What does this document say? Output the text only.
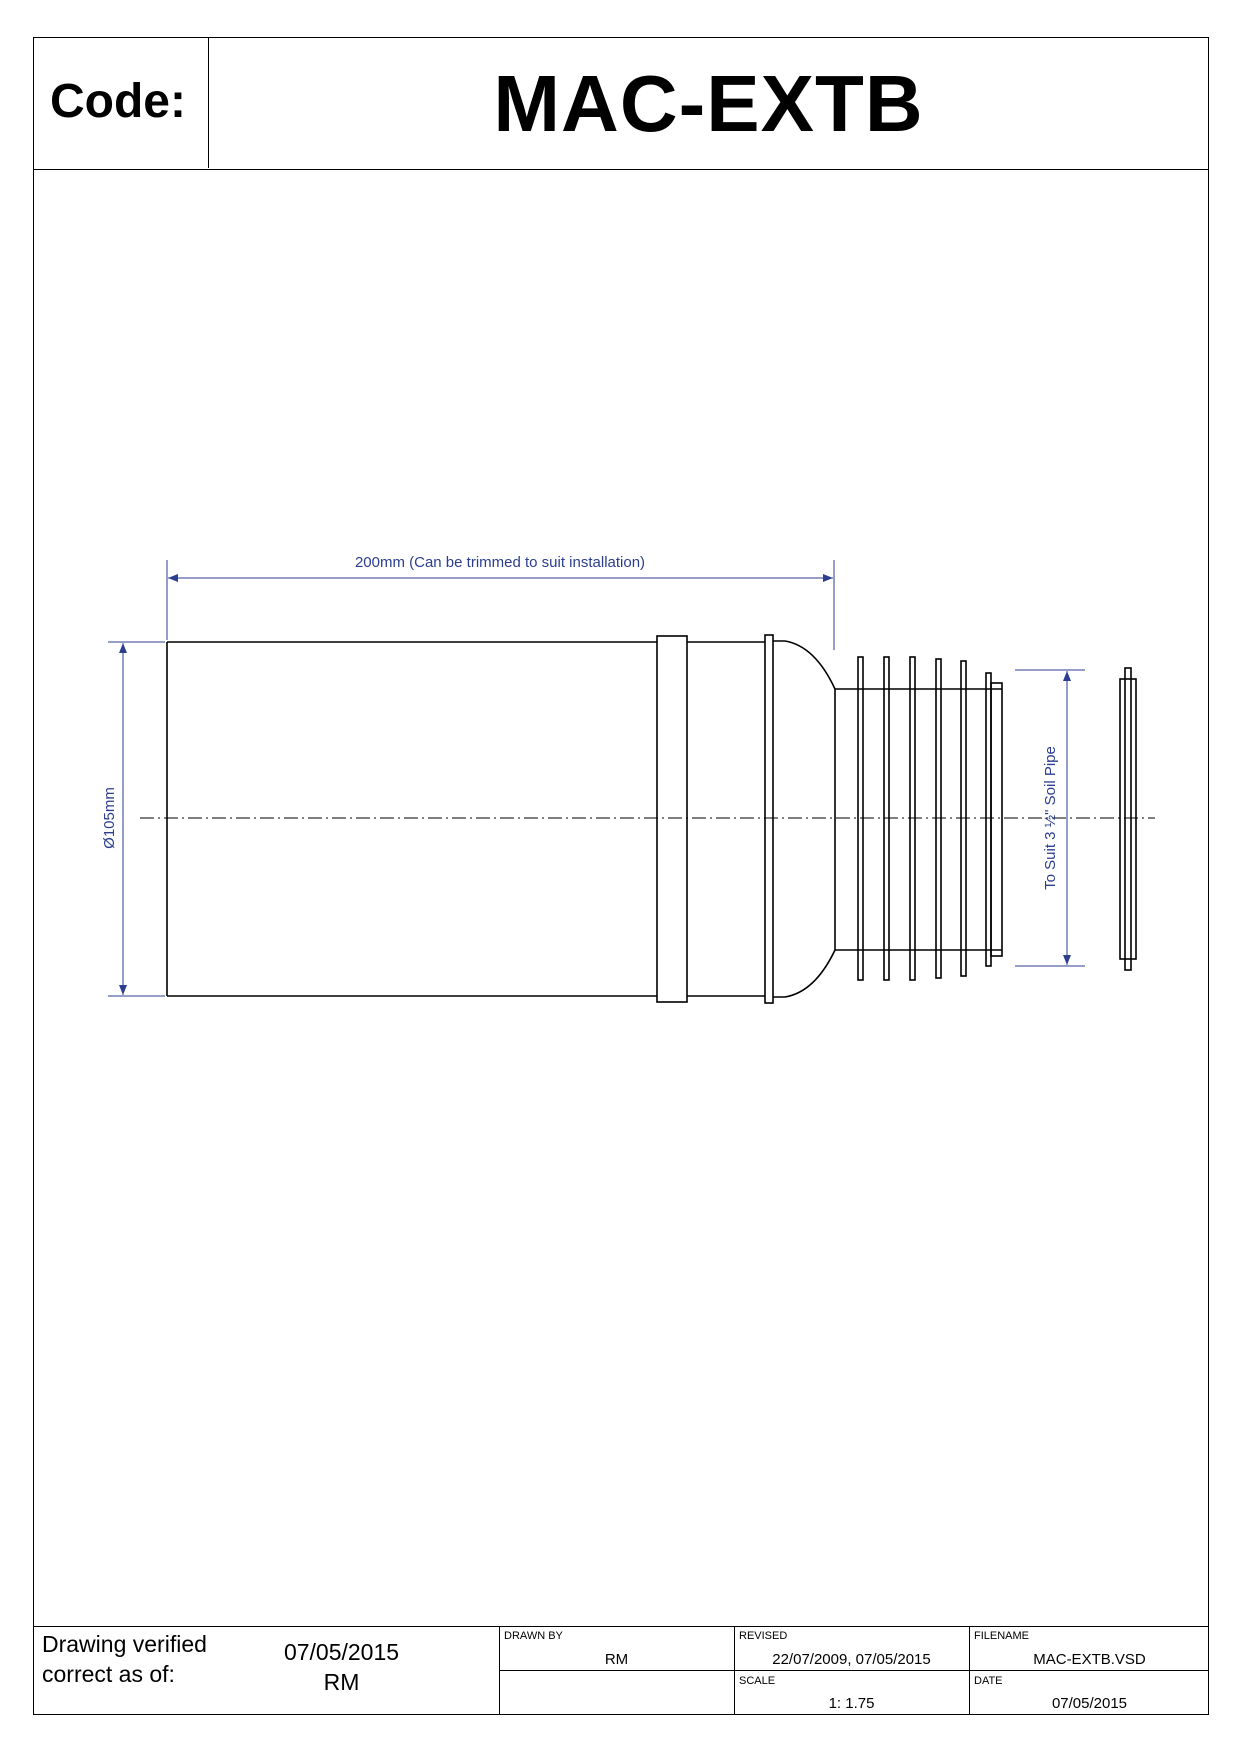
Code:	MAC-EXTB
Drawing verified
correct as of:
07/05/2015
RM
DRAWN BY
RM
REVISED
22/07/2009, 07/05/2015
FILENAME
MAC-EXTB.VSD
SCALE
1: 1.75
DATE
07/05/2015
200mm (Can be trimmed to suit installation)
Ø105mm	To Suit 3 ½" Soil Pipe
